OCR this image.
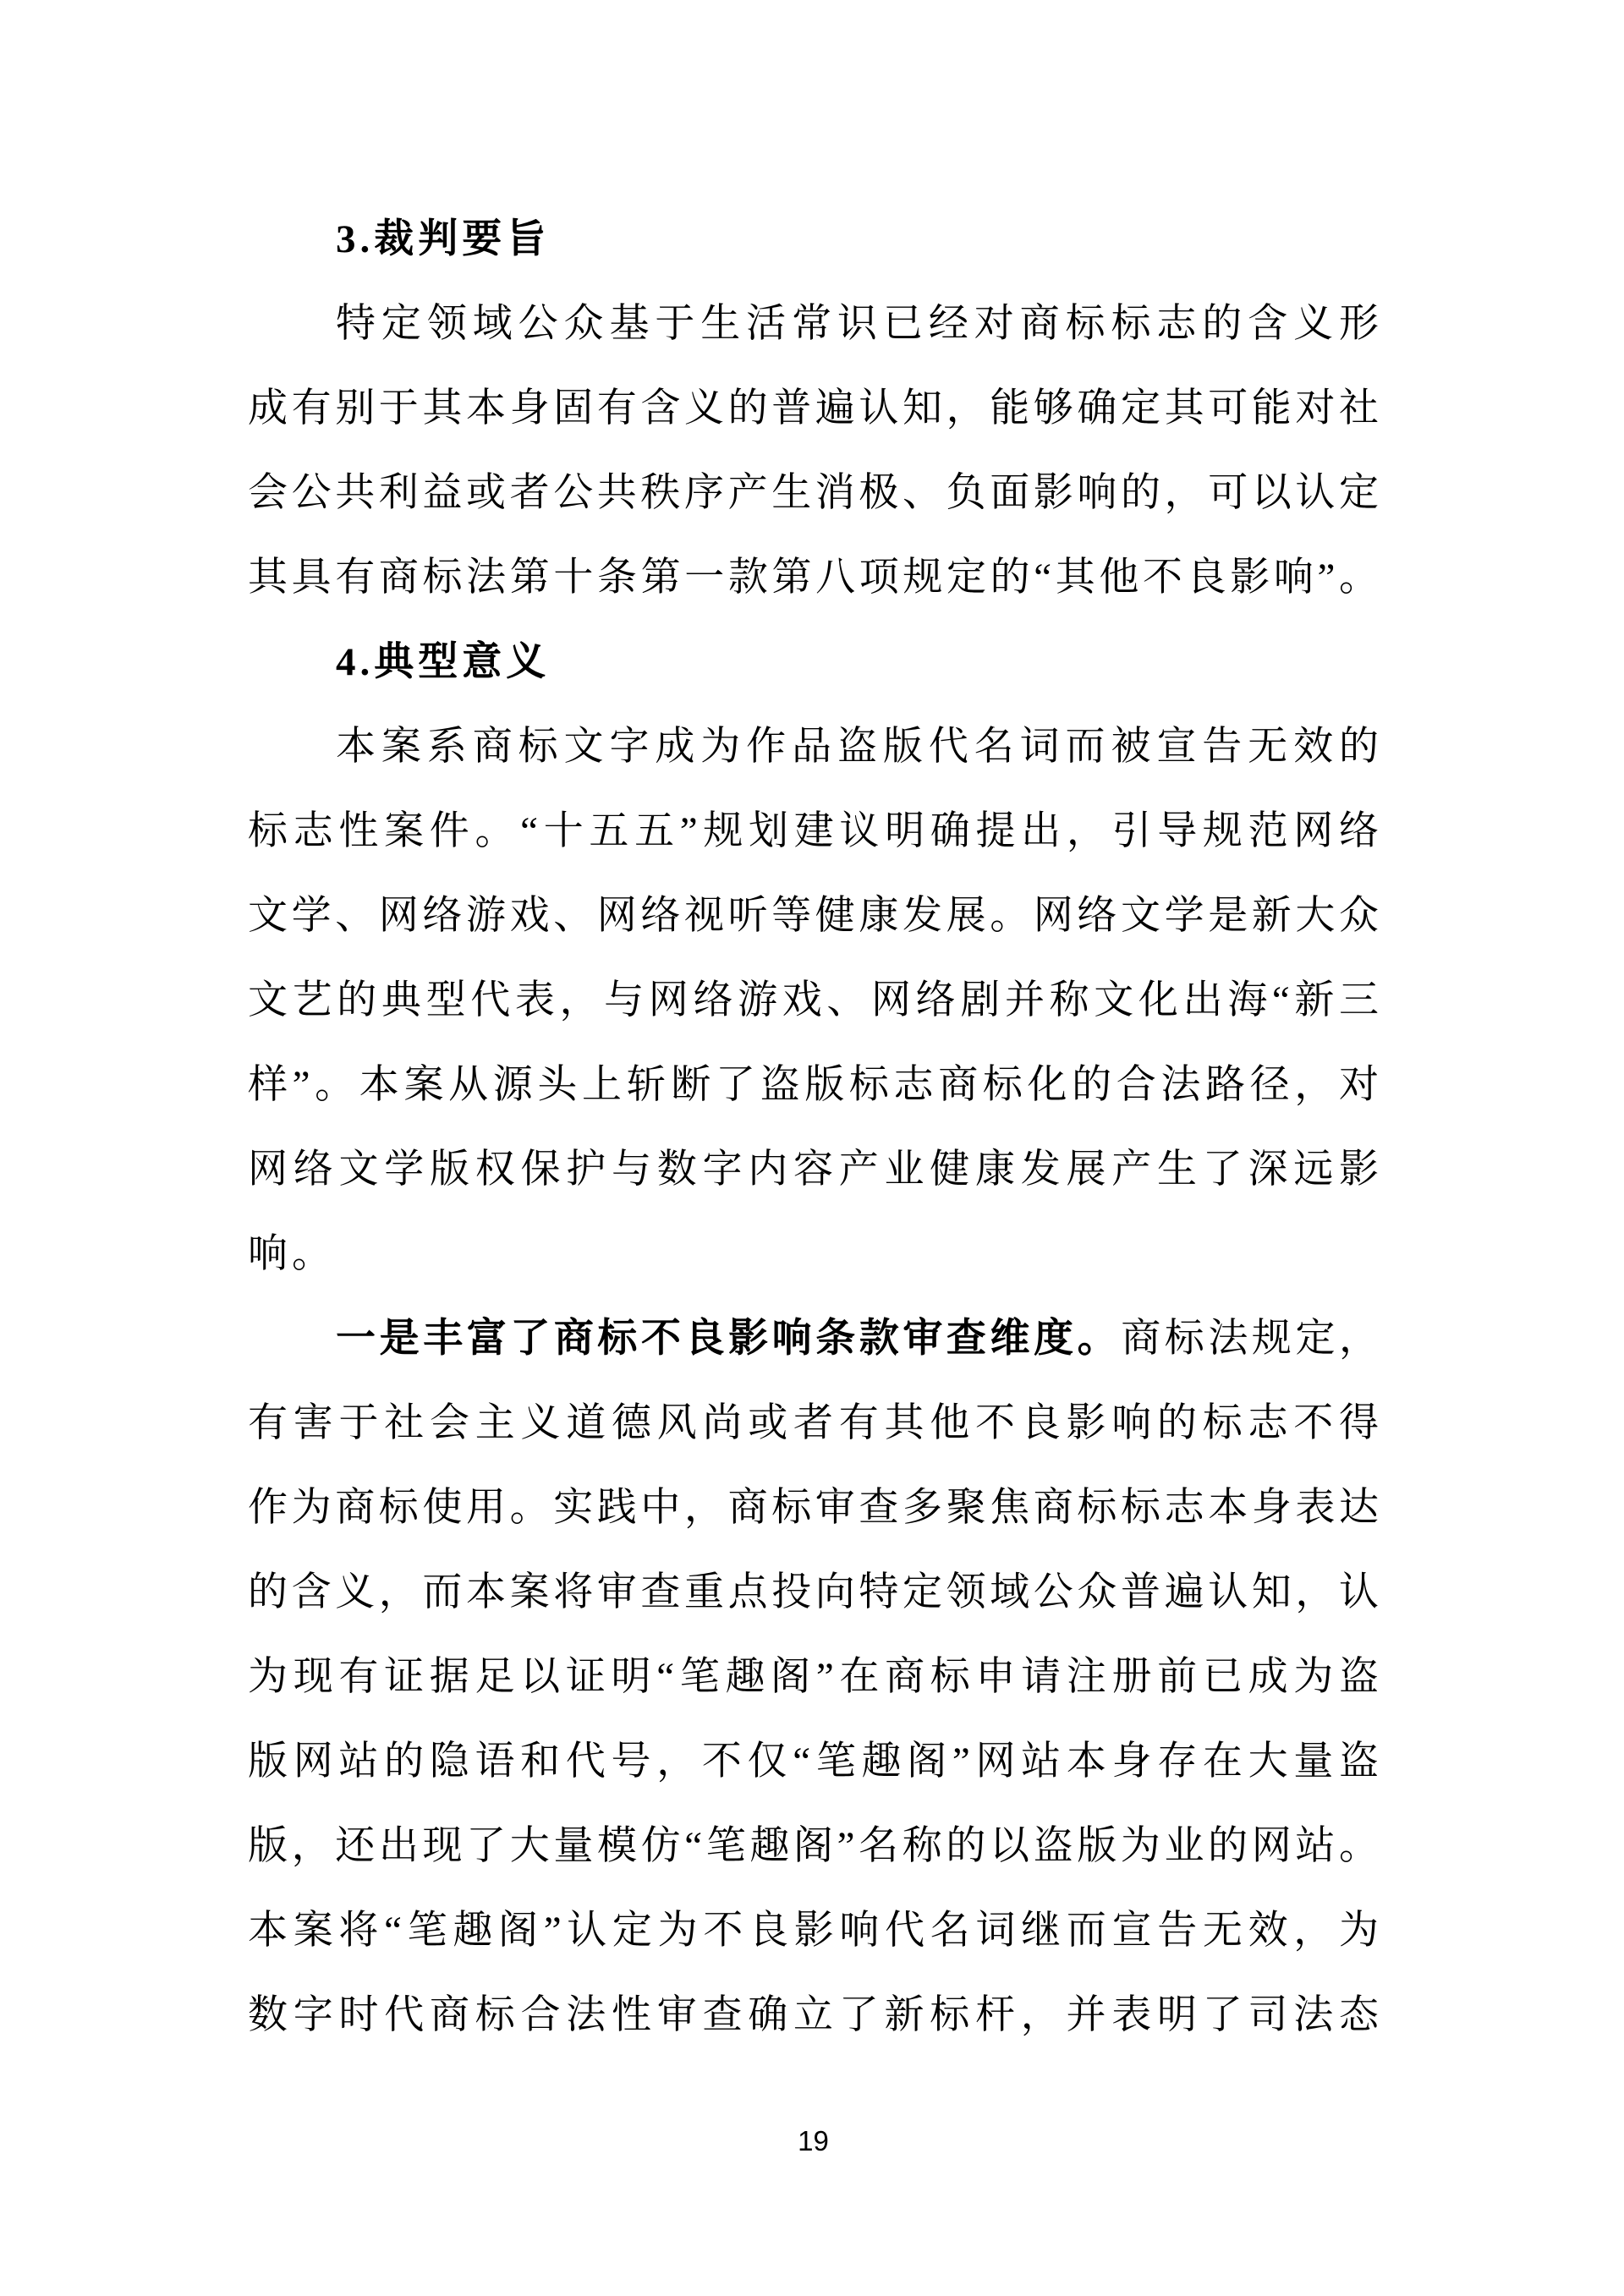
3.裁判要旨
特定领域公众基于生活常识已经对商标标志的含义形
成有别于其本身固有含义的普遍认知，能够确定其可能对社
会公共利益或者公共秩序产生消极、负面影响的，可以认定
其具有商标法第十条第一款第八项规定的“其他不良影响”。
4.典型意义
本案系商标文字成为作品盗版代名词而被宣告无效的
标志性案件。“十五五”规划建议明确提出，引导规范网络
文学、网络游戏、网络视听等健康发展。网络文学是新大众
文艺的典型代表，与网络游戏、网络剧并称文化出海“新三
样”。本案从源头上斩断了盗版标志商标化的合法路径，对
网络文学版权保护与数字内容产业健康发展产生了深远影
响。
一是丰富了商标不良影响条款审查维度。商标法规定，
有害于社会主义道德风尚或者有其他不良影响的标志不得
作为商标使用。实践中，商标审查多聚焦商标标志本身表达
的含义，而本案将审查重点投向特定领域公众普遍认知，认
为现有证据足以证明“笔趣阁”在商标申请注册前已成为盗
版网站的隐语和代号，不仅“笔趣阁”网站本身存在大量盗
版，还出现了大量模仿“笔趣阁”名称的以盗版为业的网站。
本案将“笔趣阁”认定为不良影响代名词继而宣告无效，为
数字时代商标合法性审查确立了新标杆，并表明了司法态
19
